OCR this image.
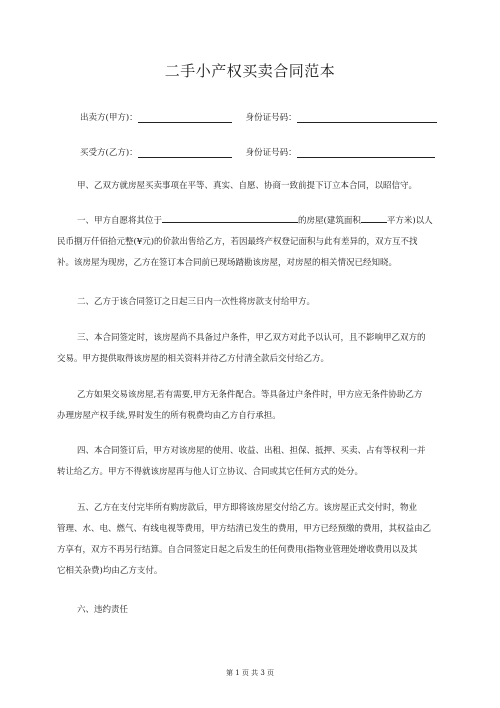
二手小产权买卖合同范本
出卖方(甲方)：	身份证号码：
买受方(乙方)：	身份证号码：
甲、乙双方就房屋买卖事项在平等、真实、自愿、协商一致前提下订立本合同，以昭信守。
一、甲方自愿将其位于	的房屋(建筑面积	平方米)以人
民币捌万仟佰拾元整(¥元)的价款出售给乙方，若因最终产权登记面积与此有差异的，双方互不找
补。该房屋为现房，乙方在签订本合同前已现场踏勘该房屋，对房屋的相关情况已经知晓。
二、乙方于该合同签订之日起三日内一次性将房款支付给甲方。
三、本合同签定时，该房屋尚不具备过户条件，甲乙双方对此予以认可，且不影响甲乙双方的
交易。甲方提供取得该房屋的相关资料并待乙方付清全款后交付给乙方。
乙方如果交易该房屋,若有需要,甲方无条件配合。等具备过户条件时，甲方应无条件协助乙方
办理房屋产权手续,界时发生的所有税费均由乙方自行承担。
四、本合同签订后，甲方对该房屋的使用、收益、出租、担保、抵押、买卖、占有等权利一并
转让给乙方。甲方不得就该房屋再与他人订立协议、合同或其它任何方式的处分。
五、乙方在支付完毕所有购房款后，甲方即将该房屋交付给乙方。该房屋正式交付时，物业
管理、水、电、燃气、有线电视等费用，甲方结清已发生的费用，甲方已经预缴的费用，其权益由乙
方享有，双方不再另行结算。自合同签定日起之后发生的任何费用(指物业管理处增收费用以及其
它相关杂费)均由乙方支付。
六、违约责任
第 1 页 共 3 页
